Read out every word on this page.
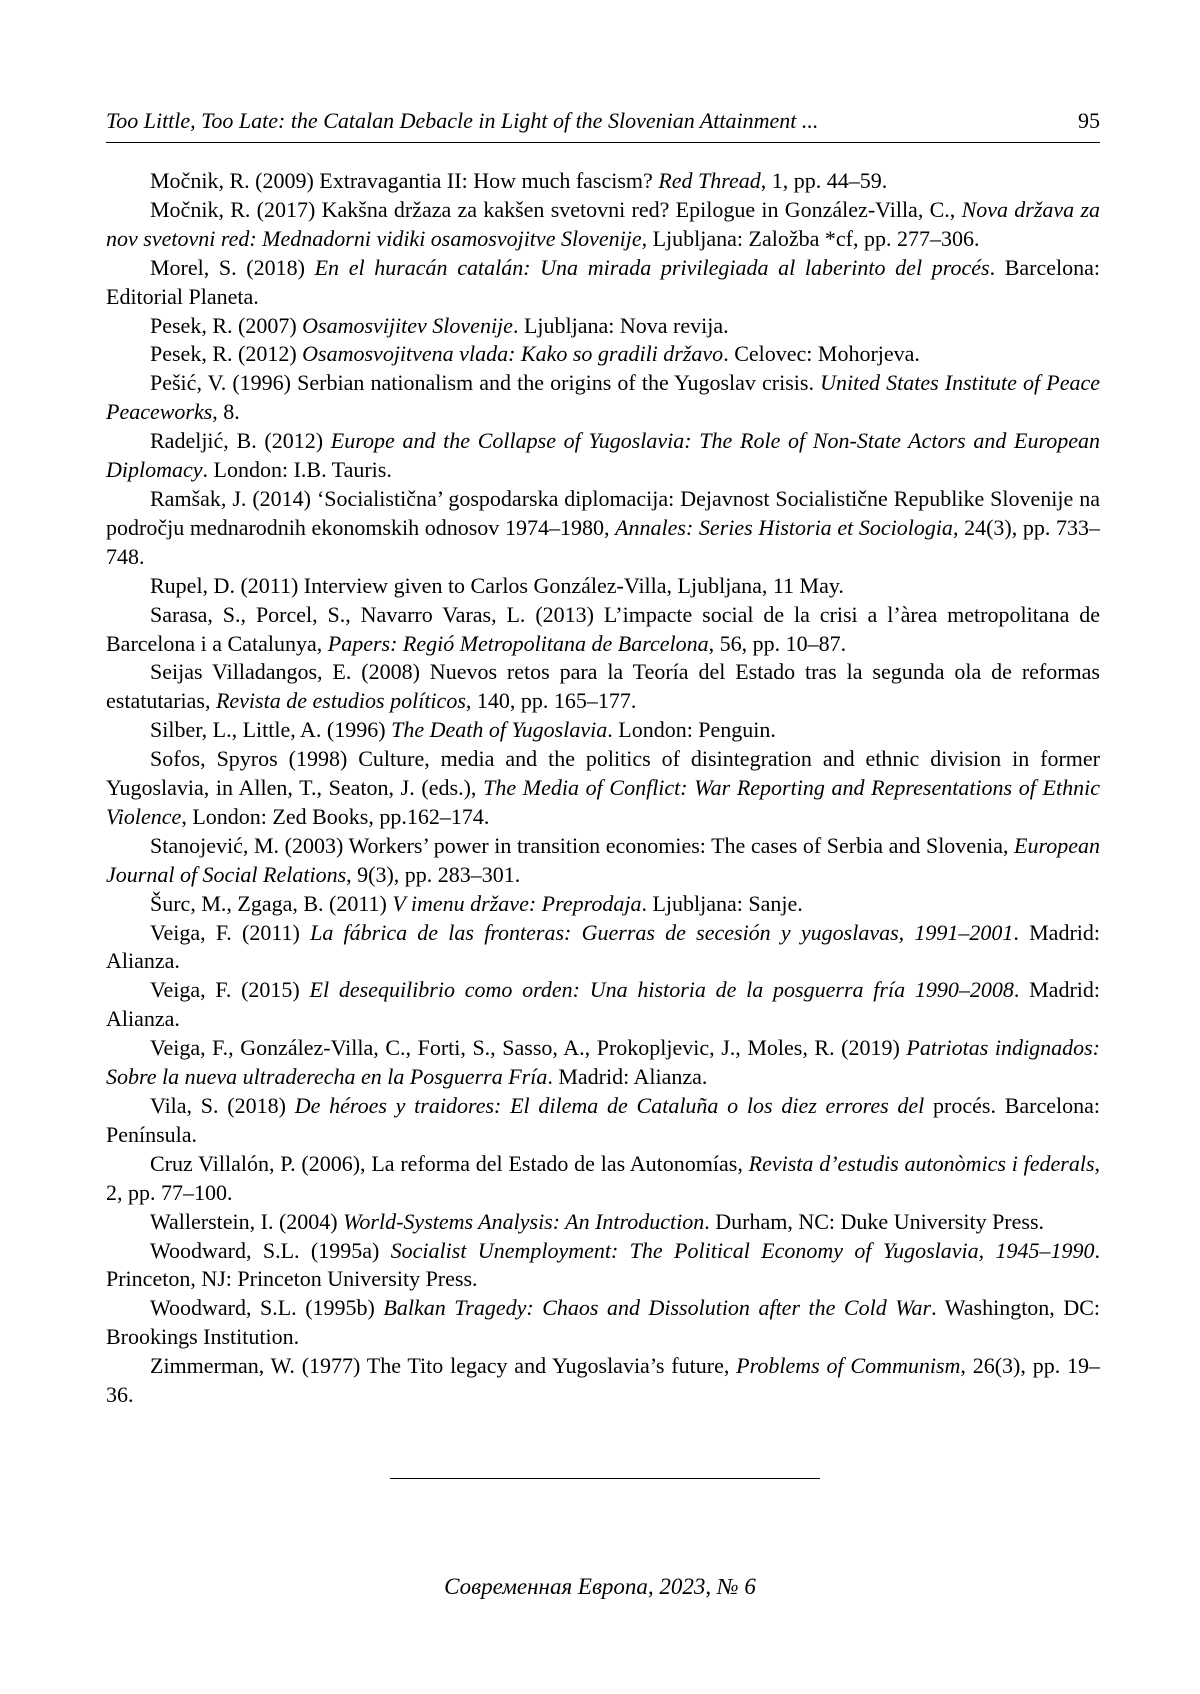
Too Little, Too Late: the Catalan Debacle in Light of the Slovenian Attainment ...	95

Močnik, R. (2009) Extravagantia II: How much fascism? Red Thread, 1, pp. 44–59.

Močnik, R. (2017) Kakšna držaza za kakšen svetovni red? Epilogue in González-Villa, C., Nova država za nov svetovni red: Mednadorni vidiki osamosvojitve Slovenije, Ljubljana: Založba *cf, pp. 277–306.

Morel, S. (2018) En el huracán catalán: Una mirada privilegiada al laberinto del procés. Barcelona: Editorial Planeta.

Pesek, R. (2007) Osamosvijitev Slovenije. Ljubljana: Nova revija.

Pesek, R. (2012) Osamosvojitvena vlada: Kako so gradili državo. Celovec: Mohorjeva.

Pešić, V. (1996) Serbian nationalism and the origins of the Yugoslav crisis. United States Institute of Peace Peaceworks, 8.

Radeljić, B. (2012) Europe and the Collapse of Yugoslavia: The Role of Non-State Actors and European Diplomacy. London: I.B. Tauris.

Ramšak, J. (2014) ‘Socialistična’ gospodarska diplomacija: Dejavnost Socialistične Republike Slovenije na področju mednarodnih ekonomskih odnosov 1974–1980, Annales: Series Historia et Sociologia, 24(3), pp. 733–748.

Rupel, D. (2011) Interview given to Carlos González-Villa, Ljubljana, 11 May.

Sarasa, S., Porcel, S., Navarro Varas, L. (2013) L’impacte social de la crisi a l’àrea metropolitana de Barcelona i a Catalunya, Papers: Regió Metropolitana de Barcelona, 56, pp. 10–87.

Seijas Villadangos, E. (2008) Nuevos retos para la Teoría del Estado tras la segunda ola de reformas estatutarias, Revista de estudios políticos, 140, pp. 165–177.

Silber, L., Little, A. (1996) The Death of Yugoslavia. London: Penguin.

Sofos, Spyros (1998) Culture, media and the politics of disintegration and ethnic division in former Yugoslavia, in Allen, T., Seaton, J. (eds.), The Media of Conflict: War Reporting and Representations of Ethnic Violence, London: Zed Books, pp.162–174.

Stanojević, M. (2003) Workers’ power in transition economies: The cases of Serbia and Slovenia, European Journal of Social Relations, 9(3), pp. 283–301.

Šurc, M., Zgaga, B. (2011) V imenu države: Preprodaja. Ljubljana: Sanje.

Veiga, F. (2011) La fábrica de las fronteras: Guerras de secesión y yugoslavas, 1991–2001. Madrid: Alianza.

Veiga, F. (2015) El desequilibrio como orden: Una historia de la posguerra fría 1990–2008. Madrid: Alianza.

Veiga, F., González-Villa, C., Forti, S., Sasso, A., Prokopljevic, J., Moles, R. (2019) Patriotas indignados: Sobre la nueva ultraderecha en la Posguerra Fría. Madrid: Alianza.

Vila, S. (2018) De héroes y traidores: El dilema de Cataluña o los diez errores del procés. Barcelona: Península.

Cruz Villalón, P. (2006), La reforma del Estado de las Autonomías, Revista d’estudis autonòmics i federals, 2, pp. 77–100.

Wallerstein, I. (2004) World-Systems Analysis: An Introduction. Durham, NC: Duke University Press.

Woodward, S.L. (1995a) Socialist Unemployment: The Political Economy of Yugoslavia, 1945–1990. Princeton, NJ: Princeton University Press.

Woodward, S.L. (1995b) Balkan Tragedy: Chaos and Dissolution after the Cold War. Washington, DC: Brookings Institution.

Zimmerman, W. (1977) The Tito legacy and Yugoslavia’s future, Problems of Communism, 26(3), pp. 19–36.

Современная Европа, 2023, № 6
